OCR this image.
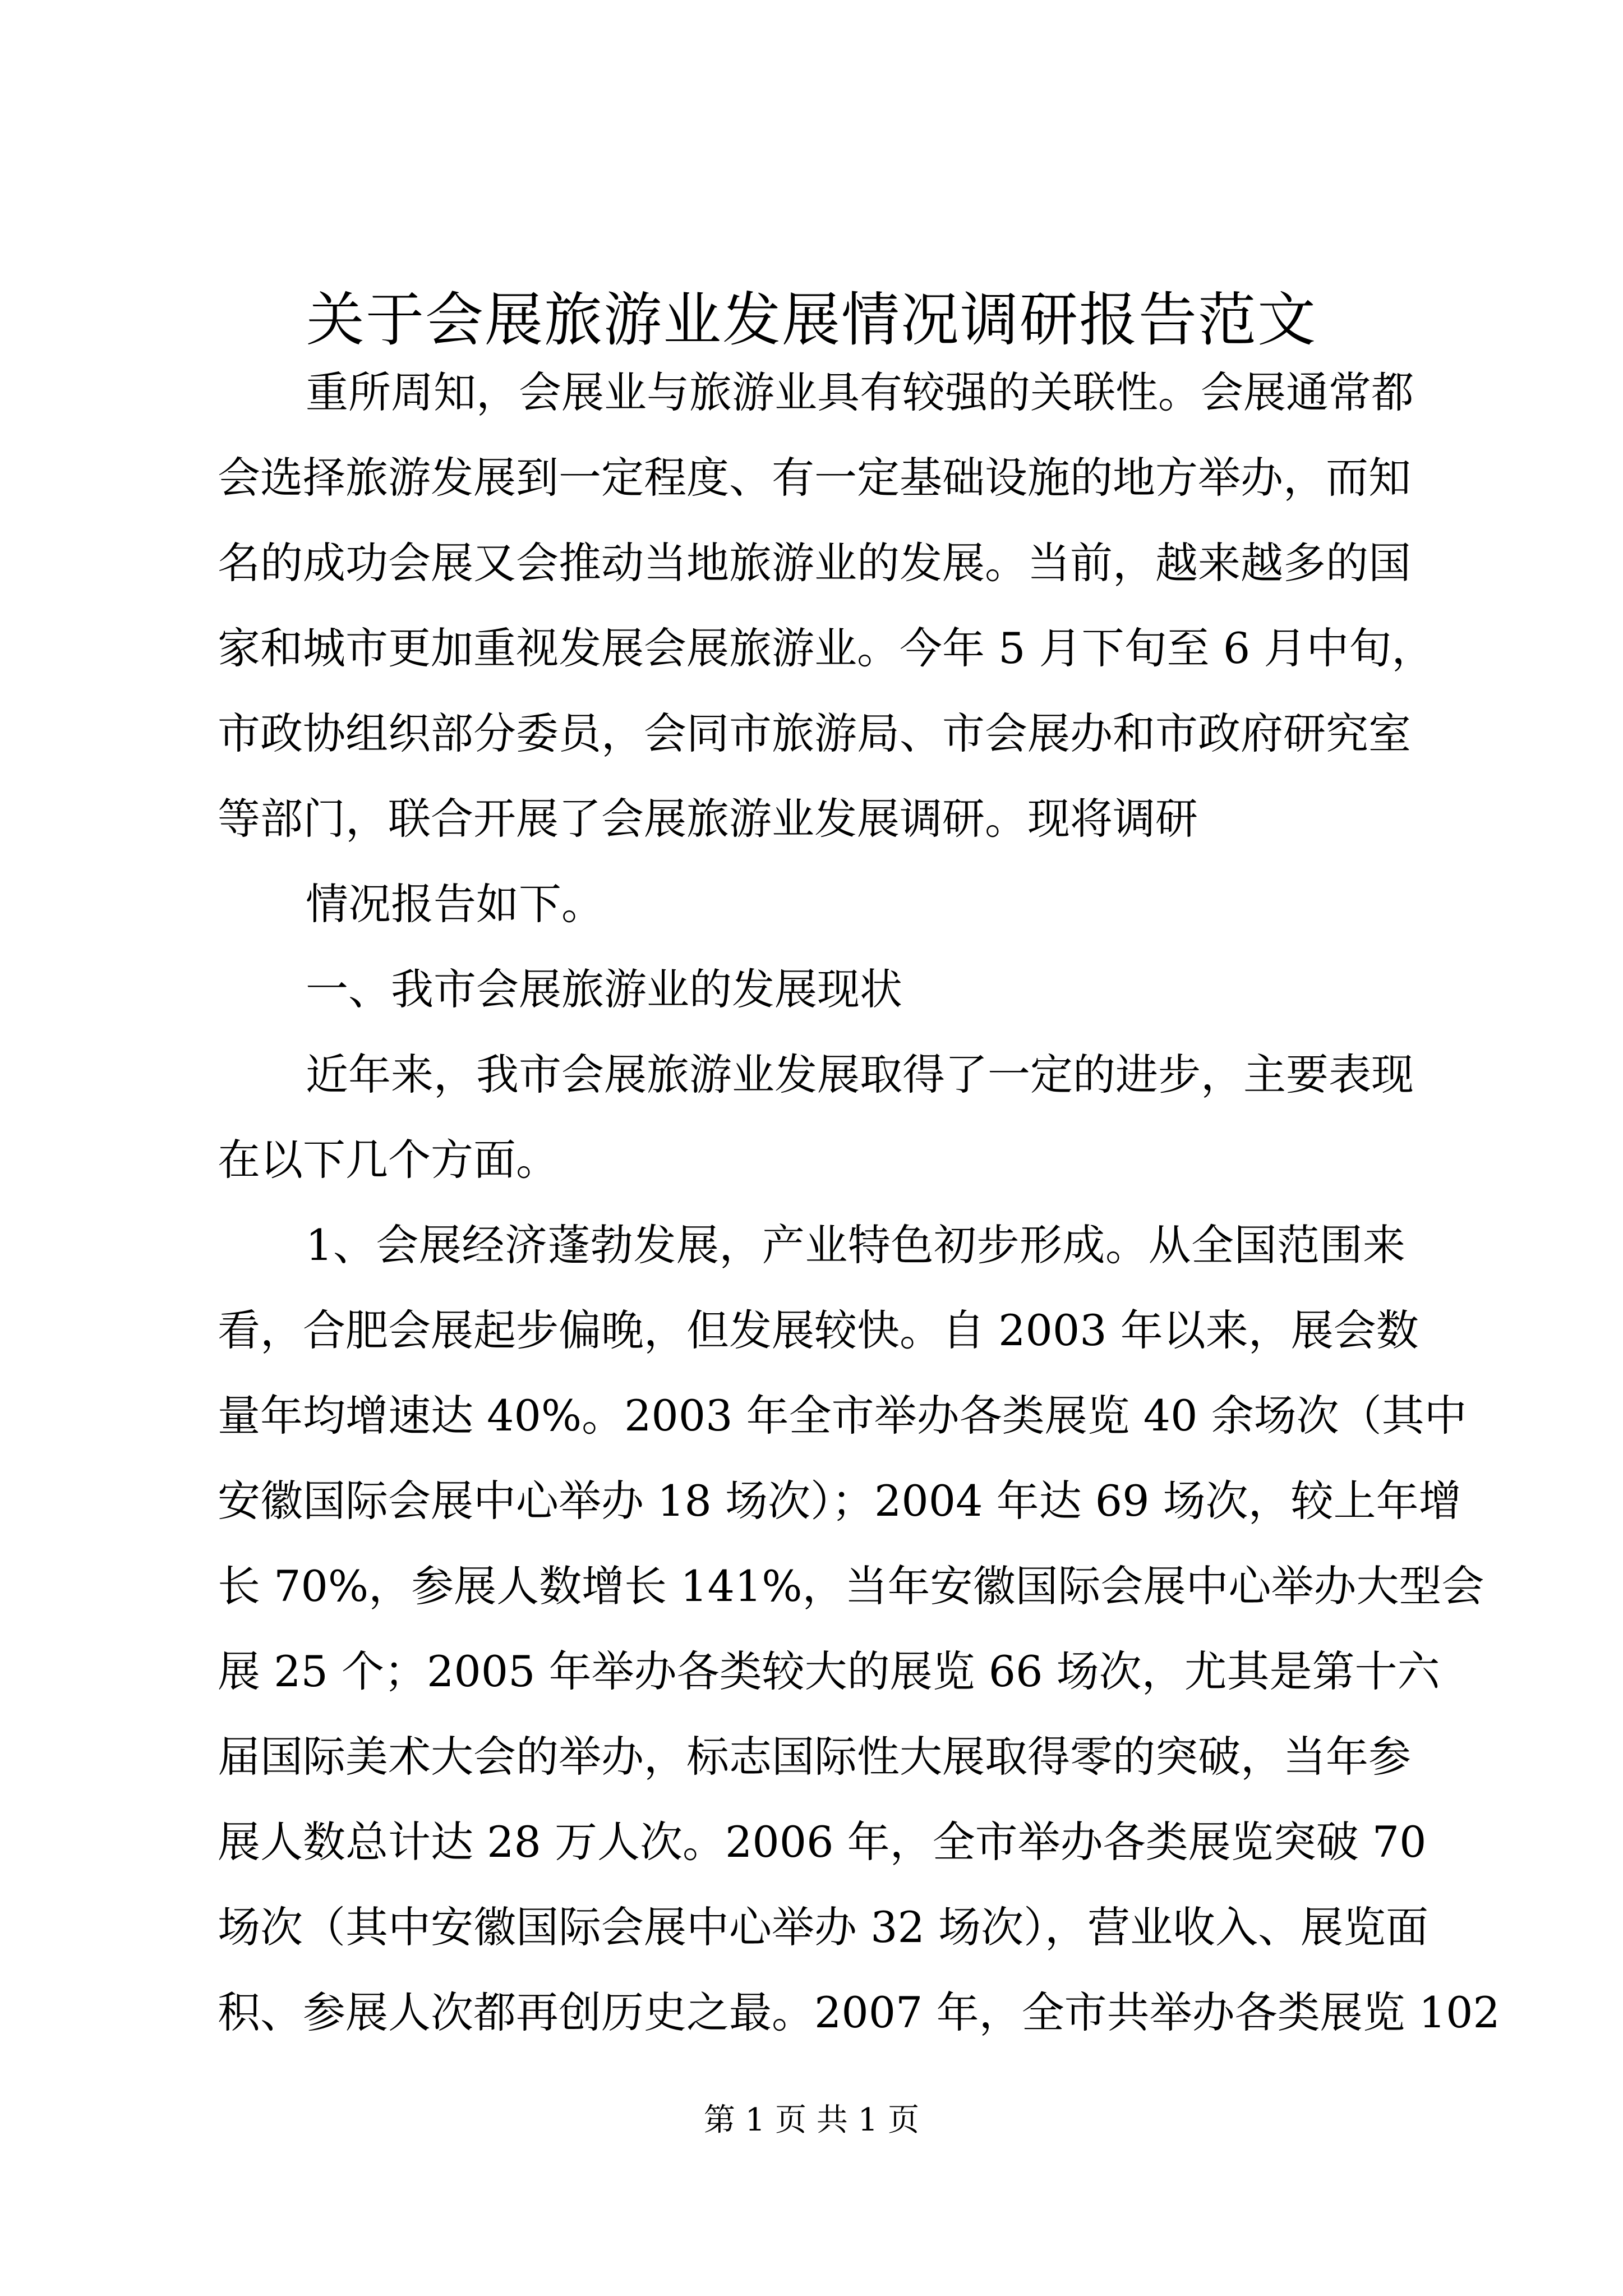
关于会展旅游业发展情况调研报告范文
重所周知，会展业与旅游业具有较强的关联性。会展通常都
会选择旅游发展到一定程度、有一定基础设施的地方举办，而知
名的成功会展又会推动当地旅游业的发展。当前，越来越多的国
家和城市更加重视发展会展旅游业。今年 5 月下旬至 6 月中旬，
市政协组织部分委员，会同市旅游局、市会展办和市政府研究室
等部门，联合开展了会展旅游业发展调研。现将调研
情况报告如下。
一、我市会展旅游业的发展现状
近年来，我市会展旅游业发展取得了一定的进步，主要表现
在以下几个方面。
1、会展经济蓬勃发展，产业特色初步形成。从全国范围来
看，合肥会展起步偏晚，但发展较快。自 2003 年以来，展会数
量年均增速达 40%。2003 年全市举办各类展览 40 余场次（其中
安徽国际会展中心举办 18 场次）；2004 年达 69 场次，较上年增
长 70%，参展人数增长 141%，当年安徽国际会展中心举办大型会
展 25 个；2005 年举办各类较大的展览 66 场次，尤其是第十六
届国际美术大会的举办，标志国际性大展取得零的突破，当年参
展人数总计达 28 万人次。2006 年，全市举办各类展览突破 70
场次（其中安徽国际会展中心举办 32 场次），营业收入、展览面
积、参展人次都再创历史之最。2007 年，全市共举办各类展览 102
第 1 页 共 1 页
